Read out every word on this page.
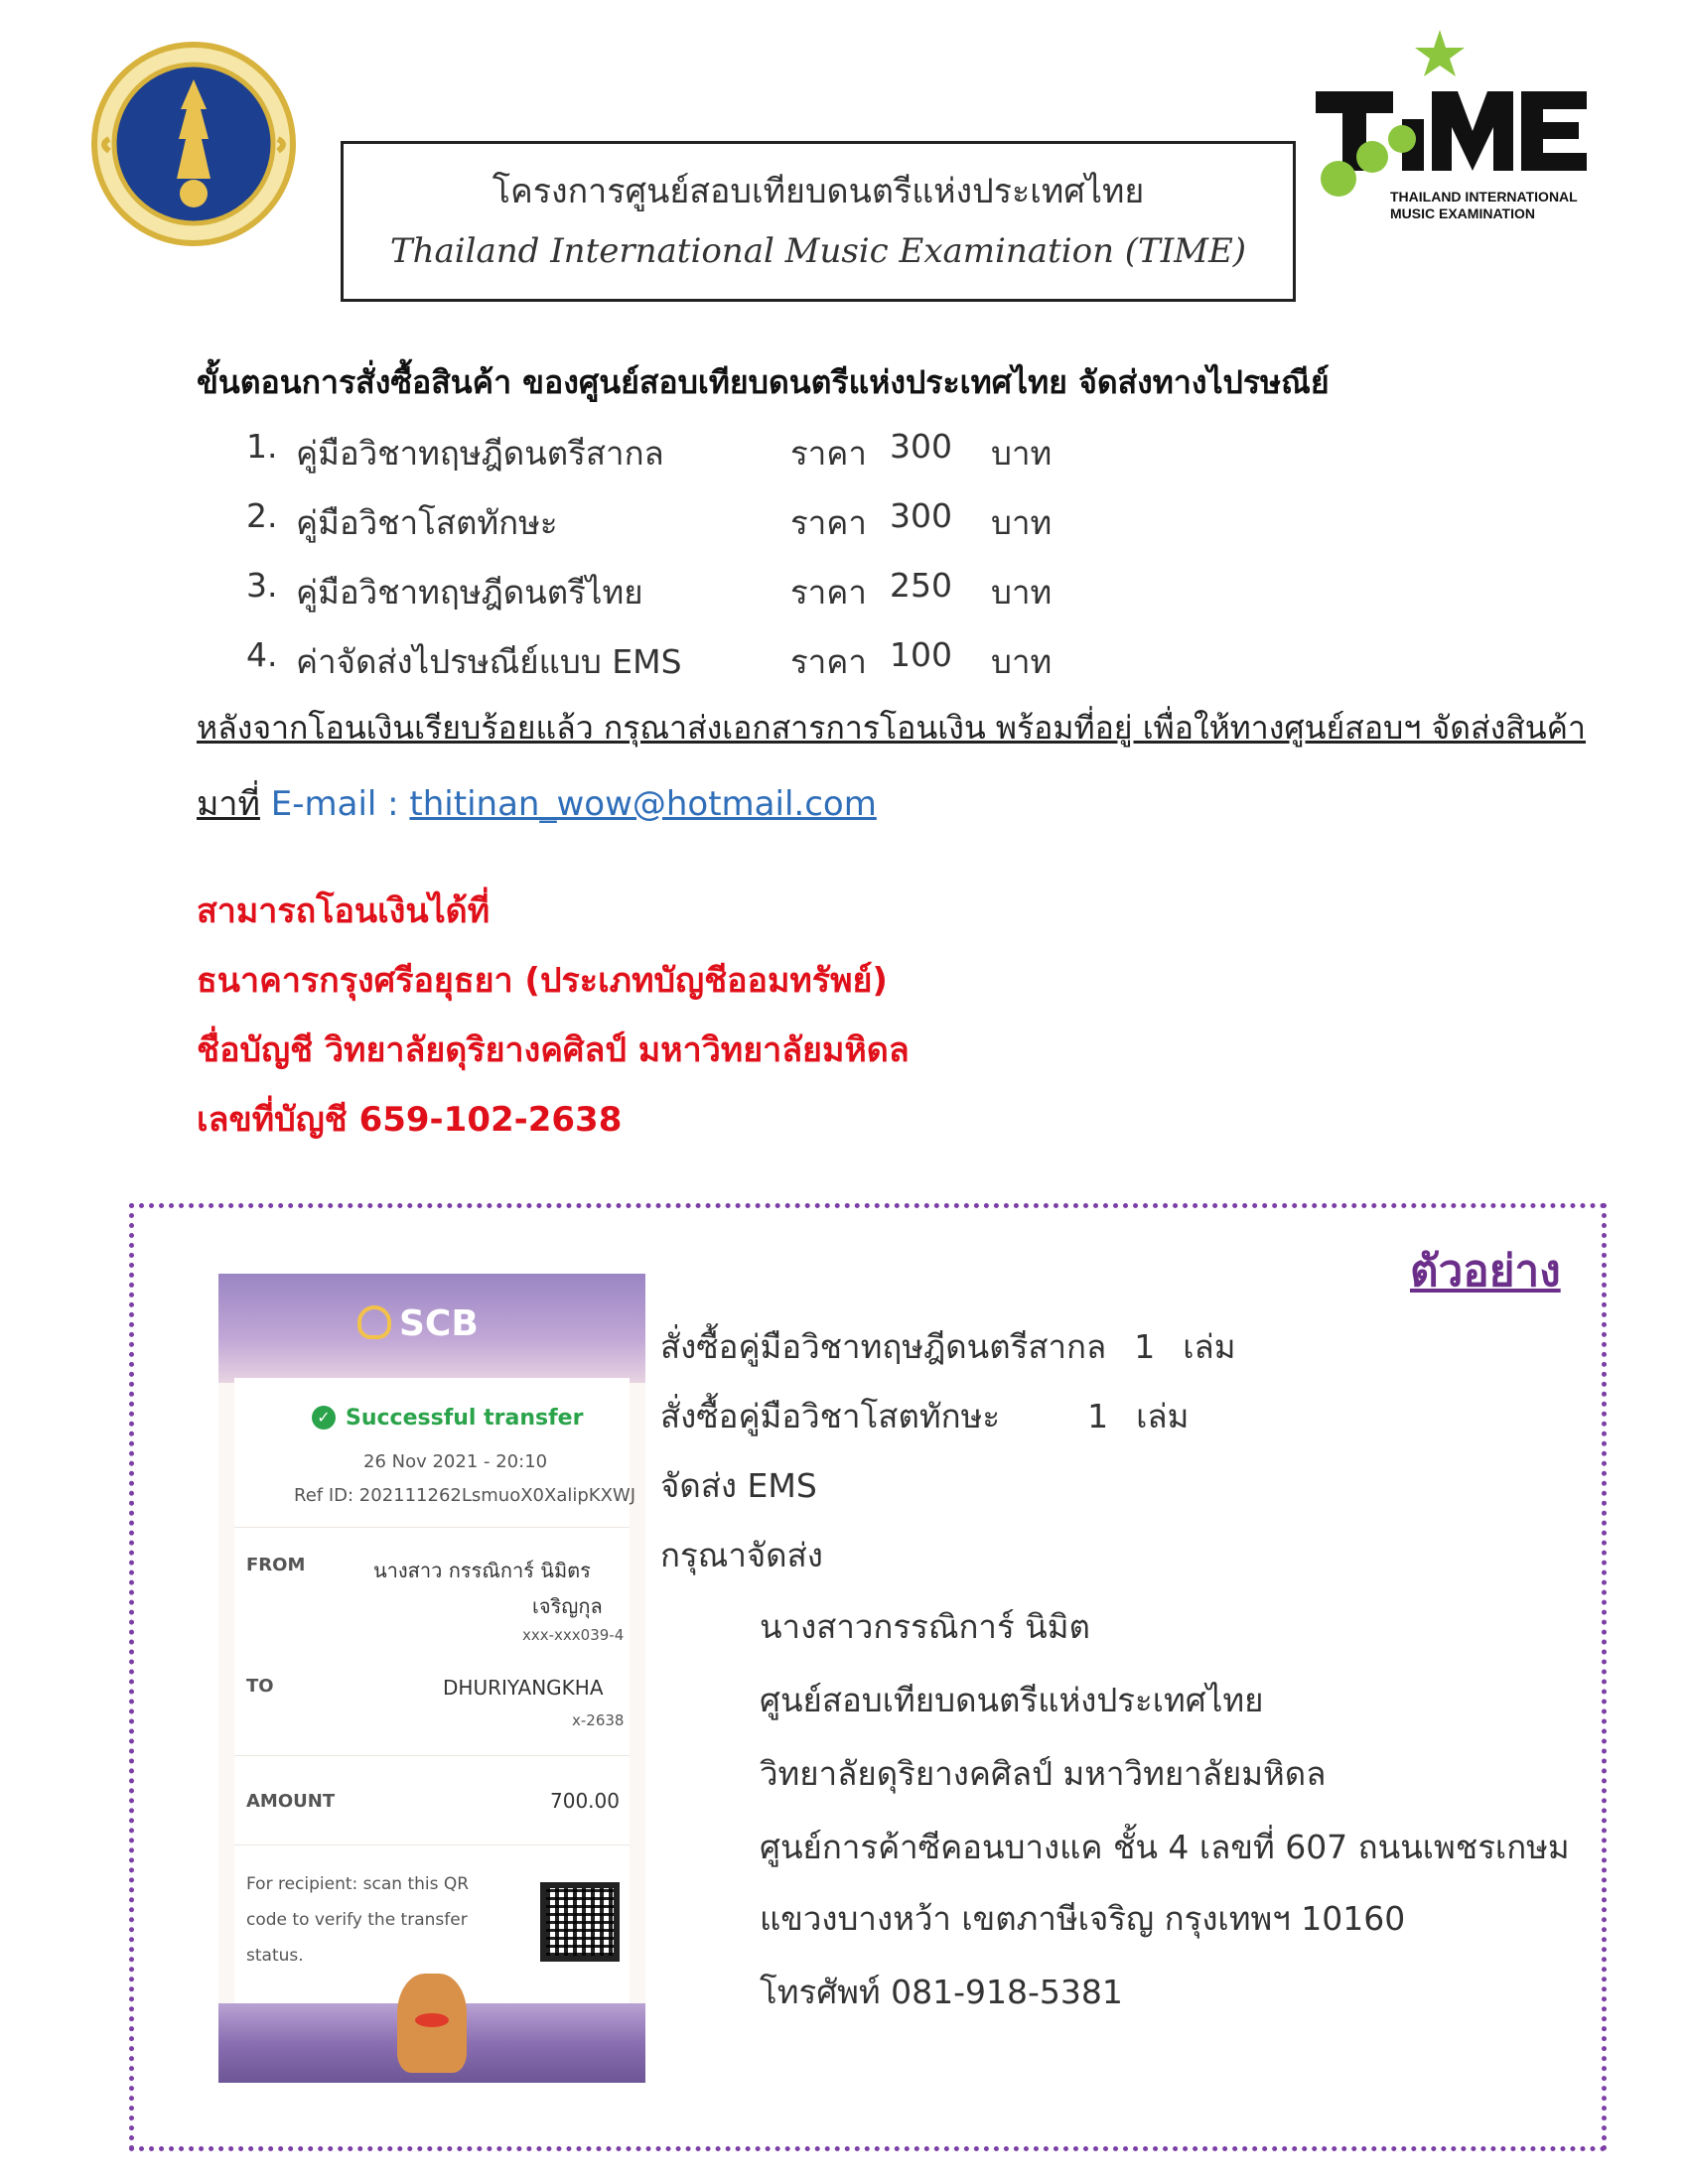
โครงการศูนย์สอบเทียบดนตรีแห่งประเทศไทย
Thailand International Music Examination (TIME)
THAILAND INTERNATIONAL
MUSIC EXAMINATION
ขั้นตอนการสั่งซื้อสินค้า ของศูนย์สอบเทียบดนตรีแห่งประเทศไทย จัดส่งทางไปรษณีย์
1. คู่มือวิชาทฤษฎีดนตรีสากล	ราคา 300 บาท
2. คู่มือวิชาโสตทักษะ	ราคา 300 บาท
3. คู่มือวิชาทฤษฎีดนตรีไทย	ราคา 250 บาท
4. ค่าจัดส่งไปรษณีย์แบบ EMS	ราคา 100 บาท
หลังจากโอนเงินเรียบร้อยแล้ว กรุณาส่งเอกสารการโอนเงิน พร้อมที่อยู่ เพื่อให้ทางศูนย์สอบฯ จัดส่งสินค้า
มาที่ E-mail : thitinan_wow@hotmail.com
สามารถโอนเงินได้ที่
ธนาคารกรุงศรีอยุธยา (ประเภทบัญชีออมทรัพย์)
ชื่อบัญชี วิทยาลัยดุริยางคศิลป์ มหาวิทยาลัยมหิดล
เลขที่บัญชี 659-102-2638
ตัวอย่าง
SCB
✓ Successful transfer
26 Nov 2021 - 20:10
Ref ID: 202111262LsmuoX0XalipKXWJ
FROM	นางสาว กรรณิการ์ นิมิตร
เจริญกุล
xxx-xxx039-4
TO	DHURIYANGKHA
x-2638
AMOUNT	700.00
For recipient: scan this QR
code to verify the transfer
status.
สั่งซื้อคู่มือวิชาทฤษฎีดนตรีสากล 1 เล่ม
สั่งซื้อคู่มือวิชาโสตทักษะ	1 เล่ม
จัดส่ง EMS
กรุณาจัดส่ง
นางสาวกรรณิการ์ นิมิต
ศูนย์สอบเทียบดนตรีแห่งประเทศไทย
วิทยาลัยดุริยางคศิลป์ มหาวิทยาลัยมหิดล
ศูนย์การค้าซีคอนบางแค ชั้น 4 เลขที่ 607 ถนนเพชรเกษม
แขวงบางหว้า เขตภาษีเจริญ กรุงเทพฯ 10160
โทรศัพท์ 081-918-5381
